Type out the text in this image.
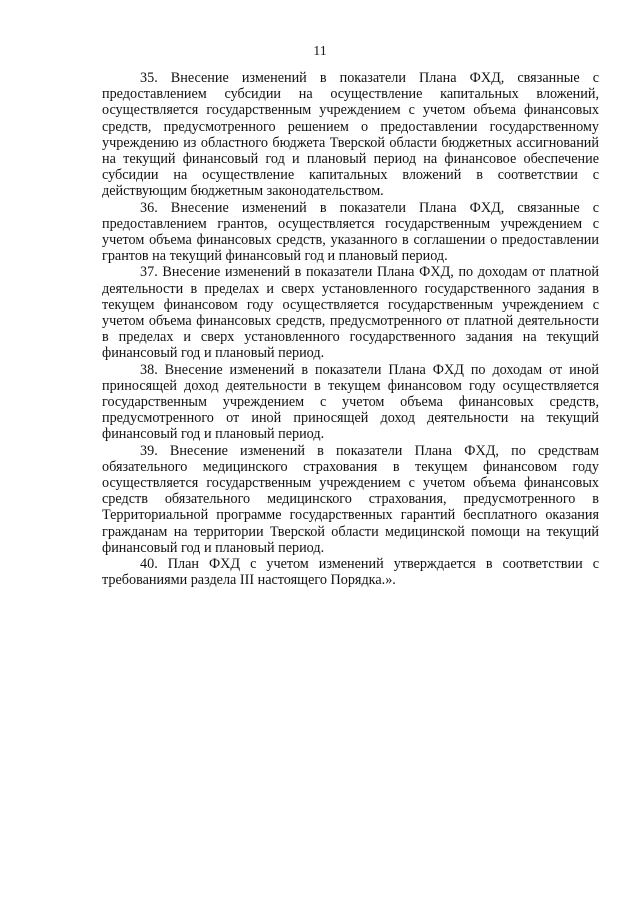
11

35. Внесение изменений в показатели Плана ФХД, связанные с предоставлением субсидии на осуществление капитальных вложений, осуществляется государственным учреждением с учетом объема финансовых средств, предусмотренного решением о предоставлении государственному учреждению из областного бюджета Тверской области бюджетных ассигнований на текущий финансовый год и плановый период на финансовое обеспечение субсидии на осуществление капитальных вложений в соответствии с действующим бюджетным законодательством.

36. Внесение изменений в показатели Плана ФХД, связанные с предоставлением грантов, осуществляется государственным учреждением с учетом объема финансовых средств, указанного в соглашении о предоставлении грантов на текущий финансовый год и плановый период.

37. Внесение изменений в показатели Плана ФХД, по доходам от платной деятельности в пределах и сверх установленного государственного задания в текущем финансовом году осуществляется государственным учреждением с учетом объема финансовых средств, предусмотренного от платной деятельности в пределах и сверх установленного государственного задания на текущий финансовый год и плановый период.

38. Внесение изменений в показатели Плана ФХД по доходам от иной приносящей доход деятельности в текущем финансовом году осуществляется государственным учреждением с учетом объема финансовых средств, предусмотренного от иной приносящей доход деятельности на текущий финансовый год и плановый период.

39. Внесение изменений в показатели Плана ФХД, по средствам обязательного медицинского страхования в текущем финансовом году осуществляется государственным учреждением с учетом объема финансовых средств обязательного медицинского страхования, предусмотренного в Территориальной программе государственных гарантий бесплатного оказания гражданам на территории Тверской области медицинской помощи на текущий финансовый год и плановый период.

40. План ФХД с учетом изменений утверждается в соответствии с требованиями раздела III настоящего Порядка.».
